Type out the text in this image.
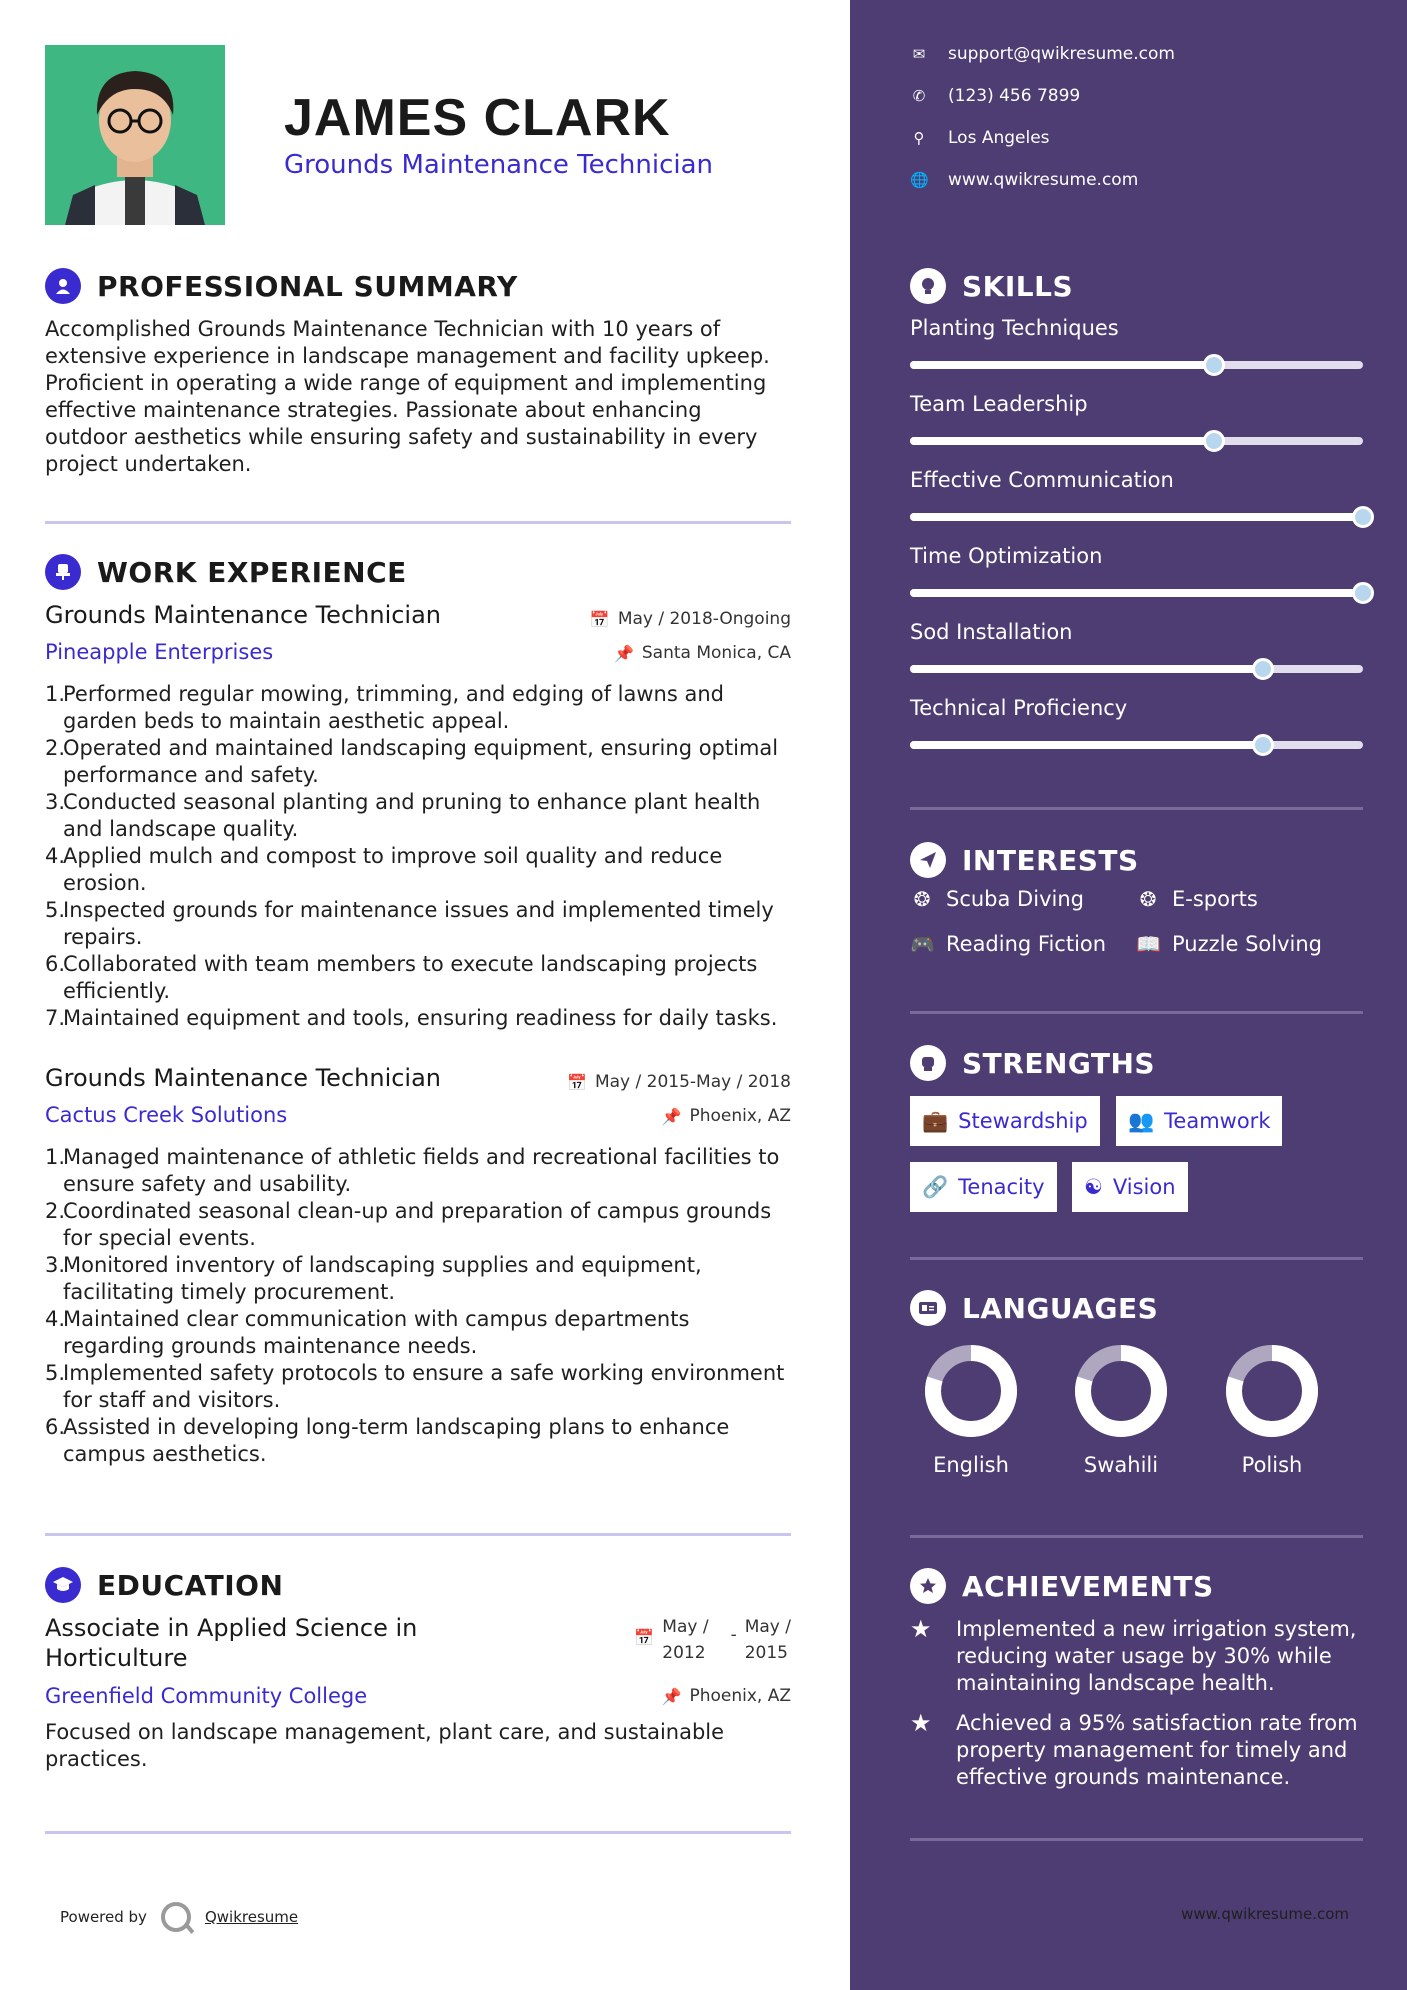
JAMES CLARK
Grounds Maintenance Technician
PROFESSIONAL SUMMARY
Accomplished Grounds Maintenance Technician with 10 years of extensive experience in landscape management and facility upkeep. Proficient in operating a wide range of equipment and implementing effective maintenance strategies. Passionate about enhancing outdoor aesthetics while ensuring safety and sustainability in every project undertaken.
WORK EXPERIENCE
Grounds Maintenance Technician	📅 May / 2018-Ongoing
Pineapple Enterprises	📌 Santa Monica, CA
1.
Performed regular mowing, trimming, and edging of lawns and garden beds to maintain aesthetic appeal.
2.
Operated and maintained landscaping equipment, ensuring optimal performance and safety.
3.
Conducted seasonal planting and pruning to enhance plant health and landscape quality.
4.
Applied mulch and compost to improve soil quality and reduce erosion.
5.
Inspected grounds for maintenance issues and implemented timely repairs.
6.
Collaborated with team members to execute landscaping projects efficiently.
7.
Maintained equipment and tools, ensuring readiness for daily tasks.
Grounds Maintenance Technician	📅 May / 2015-May / 2018
Cactus Creek Solutions	📌 Phoenix, AZ
1.
Managed maintenance of athletic fields and recreational facilities to ensure safety and usability.
2.
Coordinated seasonal clean-up and preparation of campus grounds for special events.
3.
Monitored inventory of landscaping supplies and equipment, facilitating timely procurement.
4.
Maintained clear communication with campus departments regarding grounds maintenance needs.
5.
Implemented safety protocols to ensure a safe working environment for staff and visitors.
6.
Assisted in developing long-term landscaping plans to enhance campus aesthetics.
EDUCATION
Associate in Applied Science in
Horticulture
📅
May /
2012
- May /
2015
Greenfield Community College	📌 Phoenix, AZ
Focused on landscape management, plant care, and sustainable practices.
Powered by	Qwikresume
✉ support@qwikresume.com
✆ (123) 456 7899
⚲ Los Angeles
🌐 www.qwikresume.com
SKILLS
Planting Techniques
Team Leadership
Effective Communication
Time Optimization
Sod Installation
Technical Proficiency
INTERESTS
❂ Scuba Diving	❂ E-sports
🎮 Reading Fiction 📖 Puzzle Solving
STRENGTHS
💼 Stewardship 👥 Teamwork
🔗 Tenacity ☯ Vision
LANGUAGES
English	Swahili	Polish
ACHIEVEMENTS
★	Implemented a new irrigation system, reducing water usage by 30% while maintaining landscape health.
★	Achieved a 95% satisfaction rate from property management for timely and effective grounds maintenance.
www.qwikresume.com
